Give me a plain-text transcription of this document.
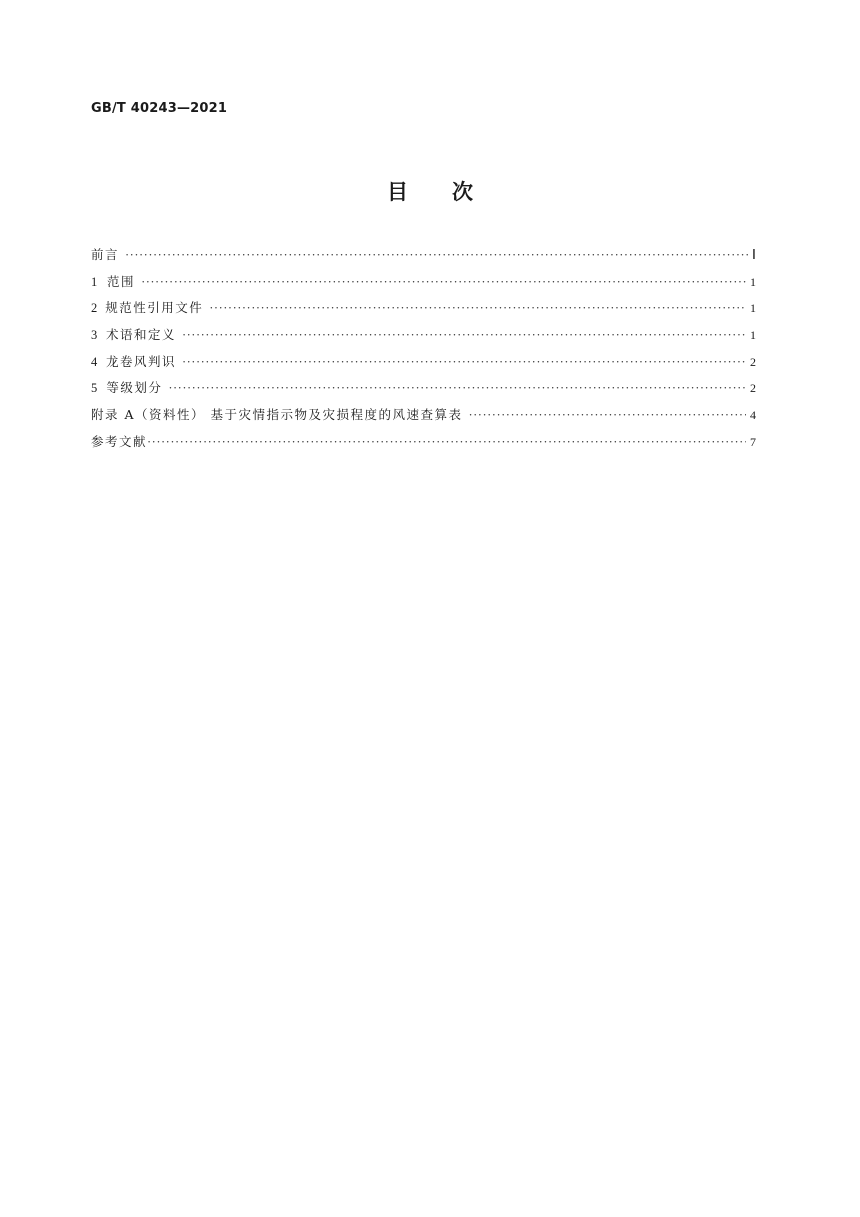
GB/T 40243—2021
目次
前言 ·····	Ⅰ
1 范围 ·····	1
2 规范性引用文件 ·····	1
3 术语和定义 ·····	1
4 龙卷风判识 ·····	2
5 等级划分 ·····	2
附录 A（资料性） 基于灾情指示物及灾损程度的风速查算表 ·····	4
参考文献 ·····	7
